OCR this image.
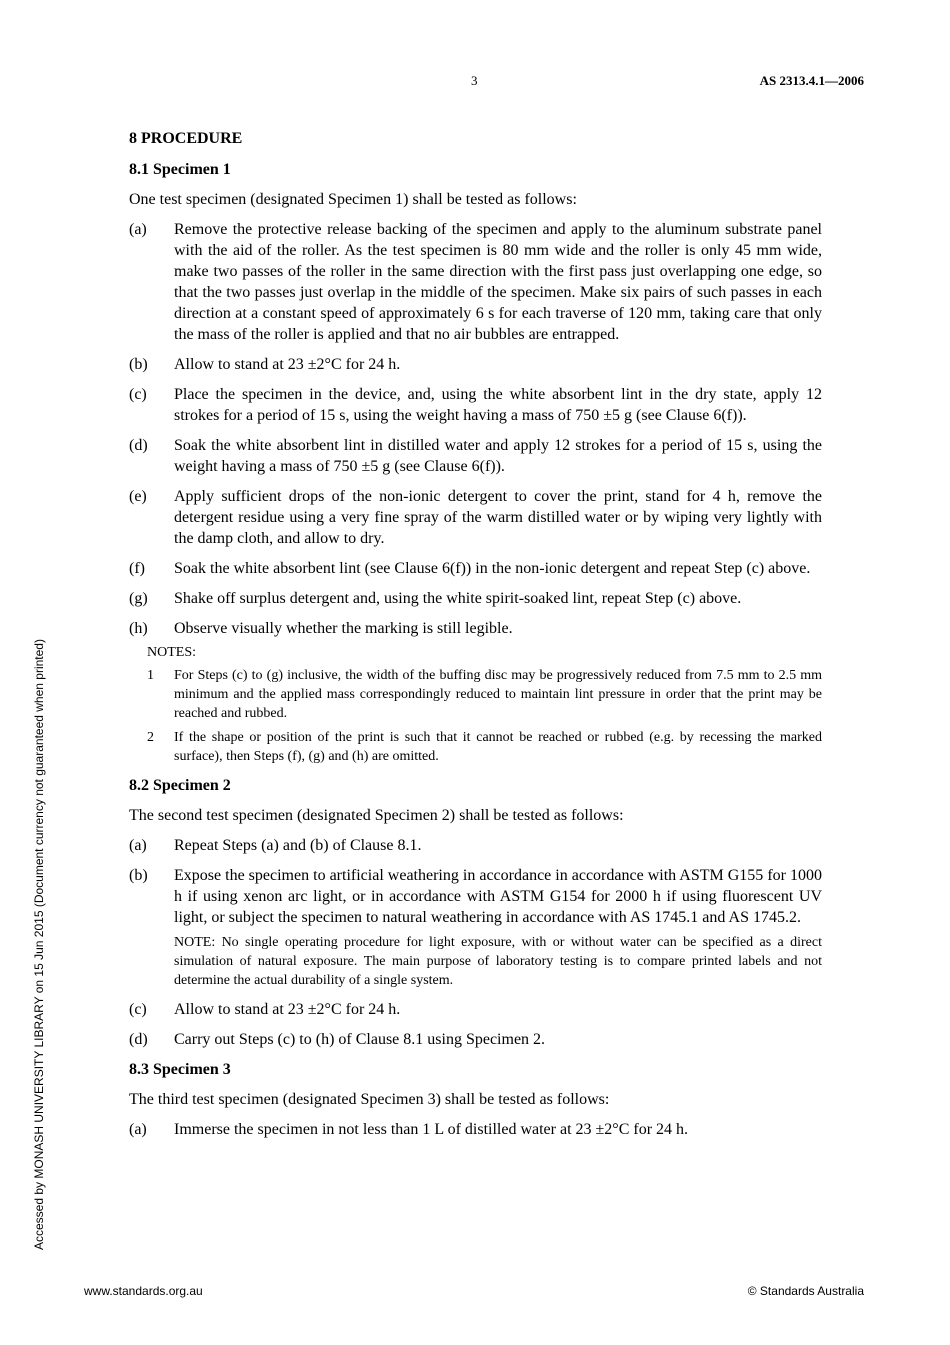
3	AS 2313.4.1—2006
Accessed by MONASH UNIVERSITY LIBRARY on 15 Jun 2015 (Document currency not guaranteed when printed)
8 PROCEDURE
8.1 Specimen 1

One test specimen (designated Specimen 1) shall be tested as follows:

(a)	Remove the protective release backing of the specimen and apply to the aluminum substrate panel with the aid of the roller. As the test specimen is 80 mm wide and the roller is only 45 mm wide, make two passes of the roller in the same direction with the first pass just overlapping one edge, so that the two passes just overlap in the middle of the specimen. Make six pairs of such passes in each direction at a constant speed of approximately 6 s for each traverse of 120 mm, taking care that only the mass of the roller is applied and that no air bubbles are entrapped.
(b)	Allow to stand at 23 ±2°C for 24 h.
(c)	Place the specimen in the device, and, using the white absorbent lint in the dry state, apply 12 strokes for a period of 15 s, using the weight having a mass of 750 ±5 g (see Clause 6(f)).
(d)	Soak the white absorbent lint in distilled water and apply 12 strokes for a period of 15 s, using the weight having a mass of 750 ±5 g (see Clause 6(f)).
(e)	Apply sufficient drops of the non-ionic detergent to cover the print, stand for 4 h, remove the detergent residue using a very fine spray of the warm distilled water or by wiping very lightly with the damp cloth, and allow to dry.
(f)	Soak the white absorbent lint (see Clause 6(f)) in the non-ionic detergent and repeat Step (c) above.
(g)	Shake off surplus detergent and, using the white spirit-soaked lint, repeat Step (c) above.
(h)	Observe visually whether the marking is still legible.
NOTES:
1	For Steps (c) to (g) inclusive, the width of the buffing disc may be progressively reduced from 7.5 mm to 2.5 mm minimum and the applied mass correspondingly reduced to maintain lint pressure in order that the print may be reached and rubbed.
2	If the shape or position of the print is such that it cannot be reached or rubbed (e.g. by recessing the marked surface), then Steps (f), (g) and (h) are omitted.
8.2 Specimen 2

The second test specimen (designated Specimen 2) shall be tested as follows:

(a)	Repeat Steps (a) and (b) of Clause 8.1.
(b)	Expose the specimen to artificial weathering in accordance in accordance with ASTM G155 for 1000 h if using xenon arc light, or in accordance with ASTM G154 for 2000 h if using fluorescent UV light, or subject the specimen to natural weathering in accordance with AS 1745.1 and AS 1745.2.
NOTE: No single operating procedure for light exposure, with or without water can be specified as a direct simulation of natural exposure. The main purpose of laboratory testing is to compare printed labels and not determine the actual durability of a single system.
(c)	Allow to stand at 23 ±2°C for 24 h.
(d)	Carry out Steps (c) to (h) of Clause 8.1 using Specimen 2.
8.3 Specimen 3

The third test specimen (designated Specimen 3) shall be tested as follows:

(a)	Immerse the specimen in not less than 1 L of distilled water at 23 ±2°C for 24 h.
www.standards.org.au	© Standards Australia
